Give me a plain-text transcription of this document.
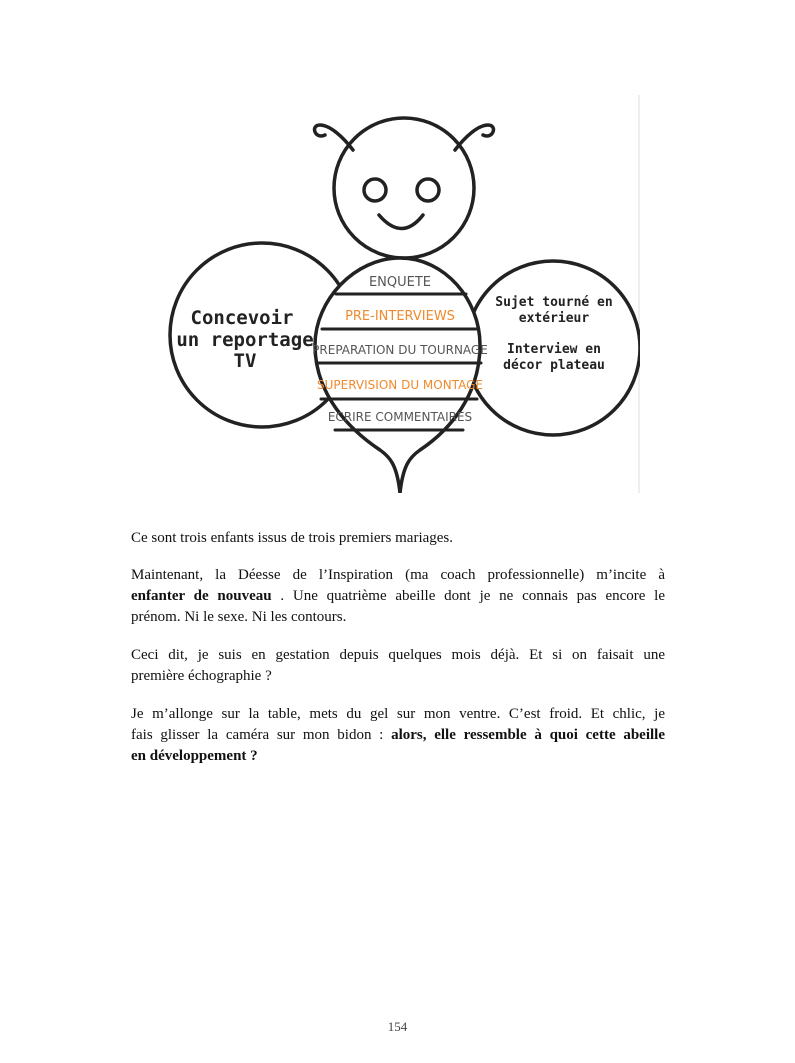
ENQUETE
PRE-INTERVIEWS
PREPARATION DU TOURNAGE
SUPERVISION DU MONTAGE
ECRIRE COMMENTAIRES
Concevoir
un reportage
TV
Sujet tourné en
extérieur
Interview en
décor plateau

Ce sont trois enfants issus de trois premiers mariages.

Maintenant, la Déesse de l’Inspiration (ma coach professionnelle) m’incite à

enfanter de nouveau . Une quatrième abeille dont je ne connais pas encore le

prénom. Ni le sexe. Ni les contours.

Ceci dit, je suis en gestation depuis quelques mois déjà. Et si on faisait une

première échographie ?

Je m’allonge sur la table, mets du gel sur mon ventre. C’est froid. Et chlic, je

fais glisser la caméra sur mon bidon : alors, elle ressemble à quoi cette abeille

en développement ?

154
